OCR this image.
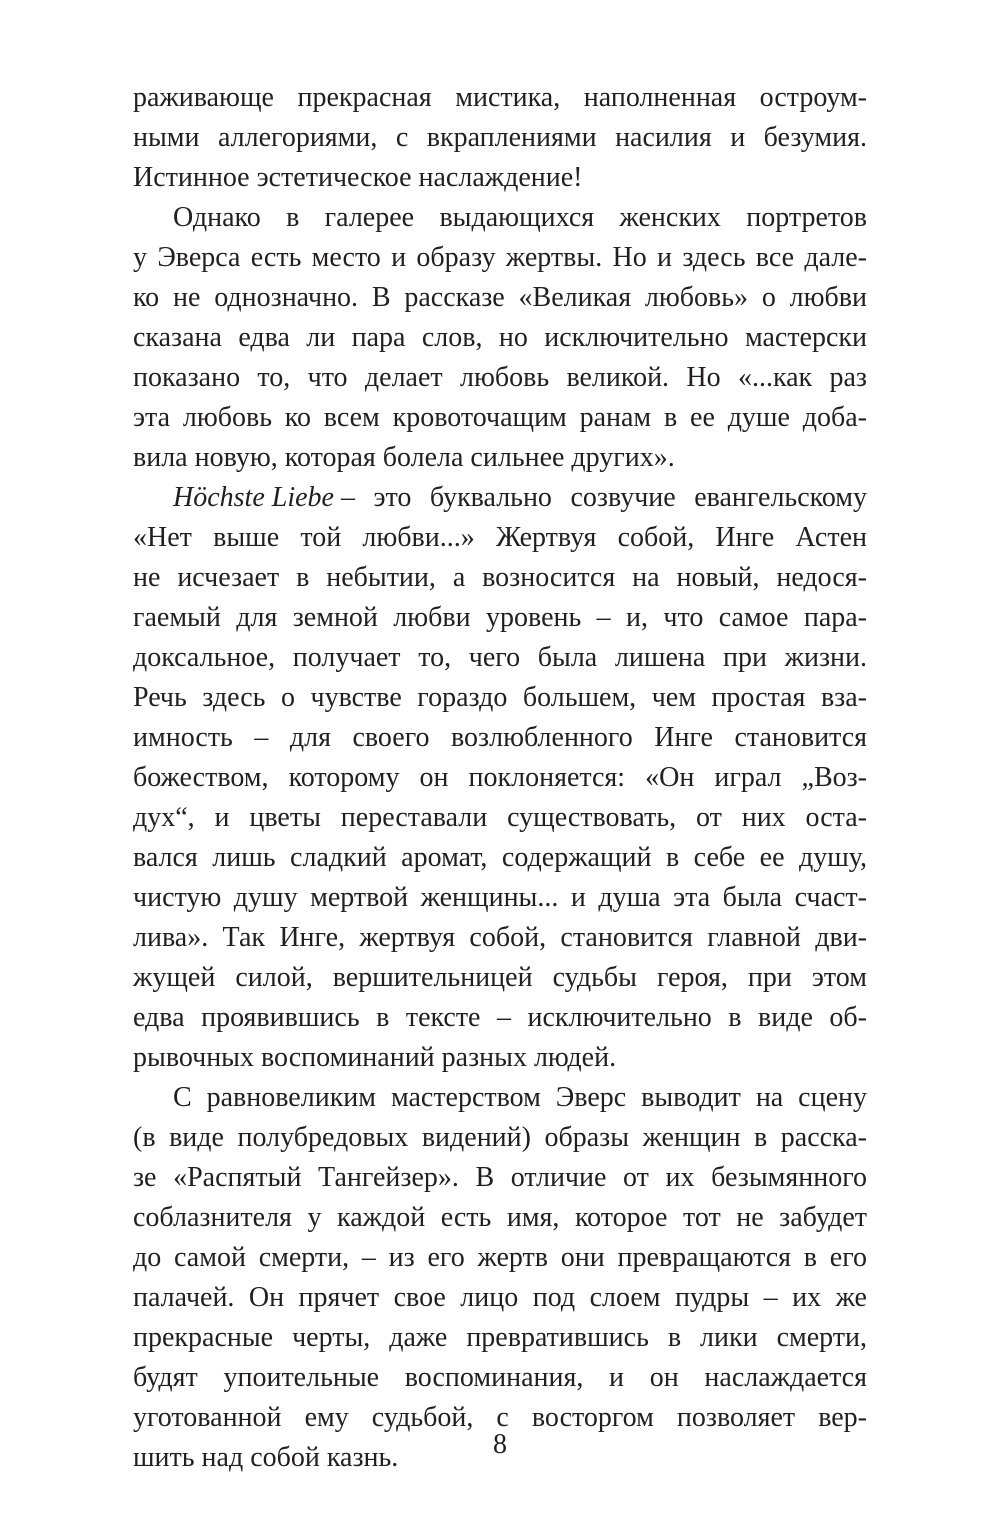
раживающе прекрасная мистика, наполненная остроум-
ными аллегориями, с вкраплениями насилия и безумия.
Истинное эстетическое наслаждение!
Однако в галерее выдающихся женских портретов
у Эверса есть место и образу жертвы. Но и здесь все дале-
ко не однозначно. В рассказе «Великая любовь» о любви
сказана едва ли пара слов, но исключительно мастерски
показано то, что делает любовь великой. Но «...как раз
эта любовь ко всем кровоточащим ранам в ее душе доба-
вила новую, которая болела сильнее других».
Höchste Liebe – это буквально созвучие евангельскому
«Нет выше той любви...» Жертвуя собой, Инге Астен
не исчезает в небытии, а возносится на новый, недося-
гаемый для земной любви уровень – и, что самое пара-
доксальное, получает то, чего была лишена при жизни.
Речь здесь о чувстве гораздо большем, чем простая вза-
имность – для своего возлюбленного Инге становится
божеством, которому он поклоняется: «Он играл „Воз-
дух“, и цветы переставали существовать, от них оста-
вался лишь сладкий аромат, содержащий в себе ее душу,
чистую душу мертвой женщины... и душа эта была счаст-
лива». Так Инге, жертвуя собой, становится главной дви-
жущей силой, вершительницей судьбы героя, при этом
едва проявившись в тексте – исключительно в виде об-
рывочных воспоминаний разных людей.
С равновеликим мастерством Эверс выводит на сцену
(в виде полубредовых видений) образы женщин в расска-
зе «Распятый Тангейзер». В отличие от их безымянного
соблазнителя у каждой есть имя, которое тот не забудет
до самой смерти, – из его жертв они превращаются в его
палачей. Он прячет свое лицо под слоем пудры – их же
прекрасные черты, даже превратившись в лики смерти,
будят упоительные воспоминания, и он наслаждается
уготованной ему судьбой, с восторгом позволяет вер-
шить над собой казнь.	8
